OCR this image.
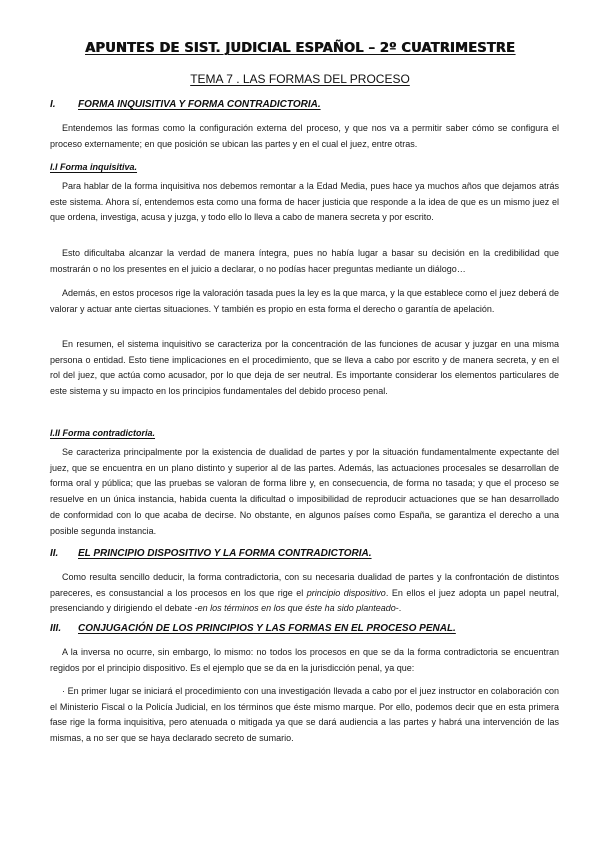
APUNTES DE SIST. JUDICIAL ESPAÑOL – 2º CUATRIMESTRE
TEMA 7 . LAS FORMAS DEL PROCESO
I. FORMA INQUISITIVA Y FORMA CONTRADICTORIA.

Entendemos las formas como la configuración externa del proceso, y que nos va a permitir saber cómo se configura el proceso externamente; en que posición se ubican las partes y en el cual el juez, entre otras.

I.I Forma inquisitiva.

Para hablar de la forma inquisitiva nos debemos remontar a la Edad Media, pues hace ya muchos años que dejamos atrás este sistema. Ahora sí, entendemos esta como una forma de hacer justicia que responde a la idea de que es un mismo juez el que ordena, investiga, acusa y juzga, y todo ello lo lleva a cabo de manera secreta y por escrito.

Esto dificultaba alcanzar la verdad de manera íntegra, pues no había lugar a basar su decisión en la credibilidad que mostrarán o no los presentes en el juicio a declarar, o no podías hacer preguntas mediante un diálogo…

Además, en estos procesos rige la valoración tasada pues la ley es la que marca, y la que establece como el juez deberá de valorar y actuar ante ciertas situaciones. Y también es propio en esta forma el derecho o garantía de apelación.

En resumen, el sistema inquisitivo se caracteriza por la concentración de las funciones de acusar y juzgar en una misma persona o entidad. Esto tiene implicaciones en el procedimiento, que se lleva a cabo por escrito y de manera secreta, y en el rol del juez, que actúa como acusador, por lo que deja de ser neutral. Es importante considerar los elementos particulares de este sistema y su impacto en los principios fundamentales del debido proceso penal.

I.II Forma contradictoria.

Se caracteriza principalmente por la existencia de dualidad de partes y por la situación fundamentalmente expectante del juez, que se encuentra en un plano distinto y superior al de las partes. Además, las actuaciones procesales se desarrollan de forma oral y pública; que las pruebas se valoran de forma libre y, en consecuencia, de forma no tasada; y que el proceso se resuelve en un única instancia, habida cuenta la dificultad o imposibilidad de reproducir actuaciones que se han desarrollado de conformidad con lo que acaba de decirse. No obstante, en algunos países como España, se garantiza el derecho a una posible segunda instancia.

II. EL PRINCIPIO DISPOSITIVO Y LA FORMA CONTRADICTORIA.

Como resulta sencillo deducir, la forma contradictoria, con su necesaria dualidad de partes y la confrontación de distintos pareceres, es consustancial a los procesos en los que rige el principio dispositivo. En ellos el juez adopta un papel neutral, presenciando y dirigiendo el debate -en los términos en los que éste ha sido planteado-.

III. CONJUGACIÓN DE LOS PRINCIPIOS Y LAS FORMAS EN EL PROCESO PENAL.

A la inversa no ocurre, sin embargo, lo mismo: no todos los procesos en que se da la forma contradictoria se encuentran regidos por el principio dispositivo. Es el ejemplo que se da en la jurisdicción penal, ya que:

· En primer lugar se iniciará el procedimiento con una investigación llevada a cabo por el juez instructor en colaboración con el Ministerio Fiscal o la Policía Judicial, en los términos que éste mismo marque. Por ello, podemos decir que en esta primera fase rige la forma inquisitiva, pero atenuada o mitigada ya que se dará audiencia a las partes y habrá una intervención de las mismas, a no ser que se haya declarado secreto de sumario.
